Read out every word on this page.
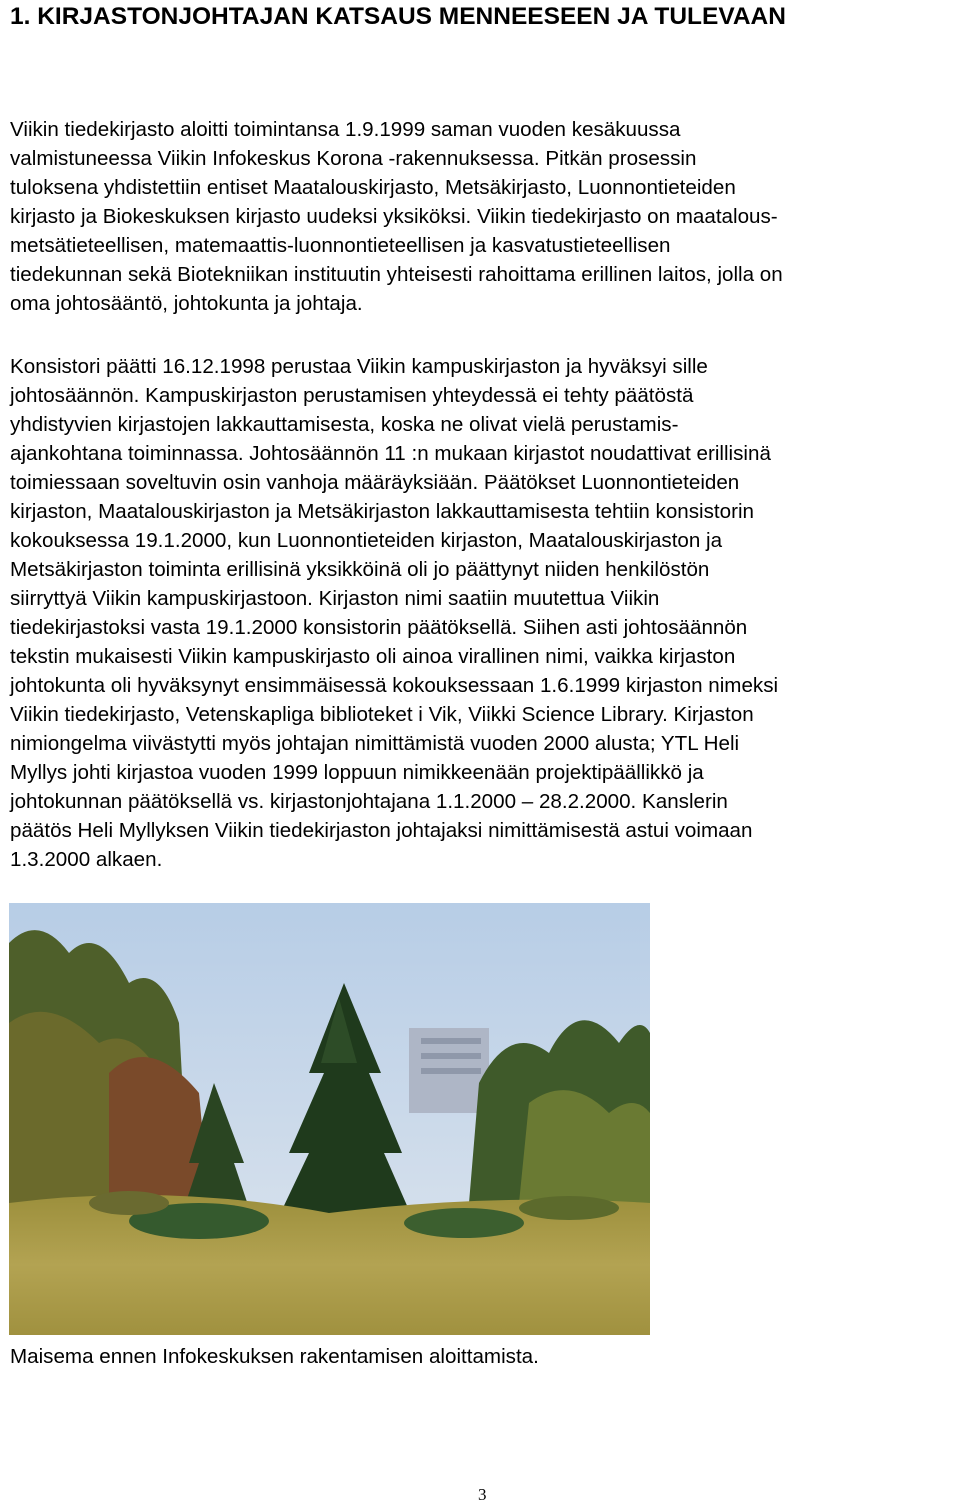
1. KIRJASTONJOHTAJAN KATSAUS MENNEESEEN JA TULEVAAN
Viikin tiedekirjasto aloitti toimintansa 1.9.1999 saman vuoden kesäkuussa
valmistuneessa Viikin Infokeskus Korona -rakennuksessa. Pitkän prosessin
tuloksena yhdistettiin entiset Maatalouskirjasto, Metsäkirjasto, Luonnontieteiden
kirjasto ja Biokeskuksen kirjasto uudeksi yksiköksi. Viikin tiedekirjasto on maatalous-
metsätieteellisen, matemaattis-luonnontieteellisen ja kasvatustieteellisen
tiedekunnan sekä Biotekniikan instituutin yhteisesti rahoittama erillinen laitos, jolla on
oma johtosääntö, johtokunta ja johtaja.
Konsistori päätti 16.12.1998 perustaa Viikin kampuskirjaston ja hyväksyi sille
johtosäännön. Kampuskirjaston perustamisen yhteydessä ei tehty päätöstä
yhdistyvien kirjastojen lakkauttamisesta, koska ne olivat vielä perustamis-
ajankohtana toiminnassa. Johtosäännön 11 :n mukaan kirjastot noudattivat erillisinä
toimiessaan soveltuvin osin vanhoja määräyksiään. Päätökset Luonnontieteiden
kirjaston, Maatalouskirjaston ja Metsäkirjaston lakkauttamisesta tehtiin konsistorin
kokouksessa 19.1.2000, kun Luonnontieteiden kirjaston, Maatalouskirjaston ja
Metsäkirjaston toiminta erillisinä yksikköinä oli jo päättynyt niiden henkilöstön
siirryttyä Viikin kampuskirjastoon. Kirjaston nimi saatiin muutettua Viikin
tiedekirjastoksi vasta 19.1.2000 konsistorin päätöksellä. Siihen asti johtosäännön
tekstin mukaisesti Viikin kampuskirjasto oli ainoa virallinen nimi, vaikka kirjaston
johtokunta oli hyväksynyt ensimmäisessä kokouksessaan 1.6.1999 kirjaston nimeksi
Viikin tiedekirjasto, Vetenskapliga biblioteket i Vik, Viikki Science Library. Kirjaston
nimiongelma viivästytti myös johtajan nimittämistä vuoden 2000 alusta; YTL Heli
Myllys johti kirjastoa vuoden 1999 loppuun nimikkeenään projektipäällikkö ja
johtokunnan päätöksellä vs. kirjastonjohtajana 1.1.2000 – 28.2.2000. Kanslerin
päätös Heli Myllyksen Viikin tiedekirjaston johtajaksi nimittämisestä astui voimaan
1.3.2000 alkaen.
Maisema ennen Infokeskuksen rakentamisen aloittamista.
3
